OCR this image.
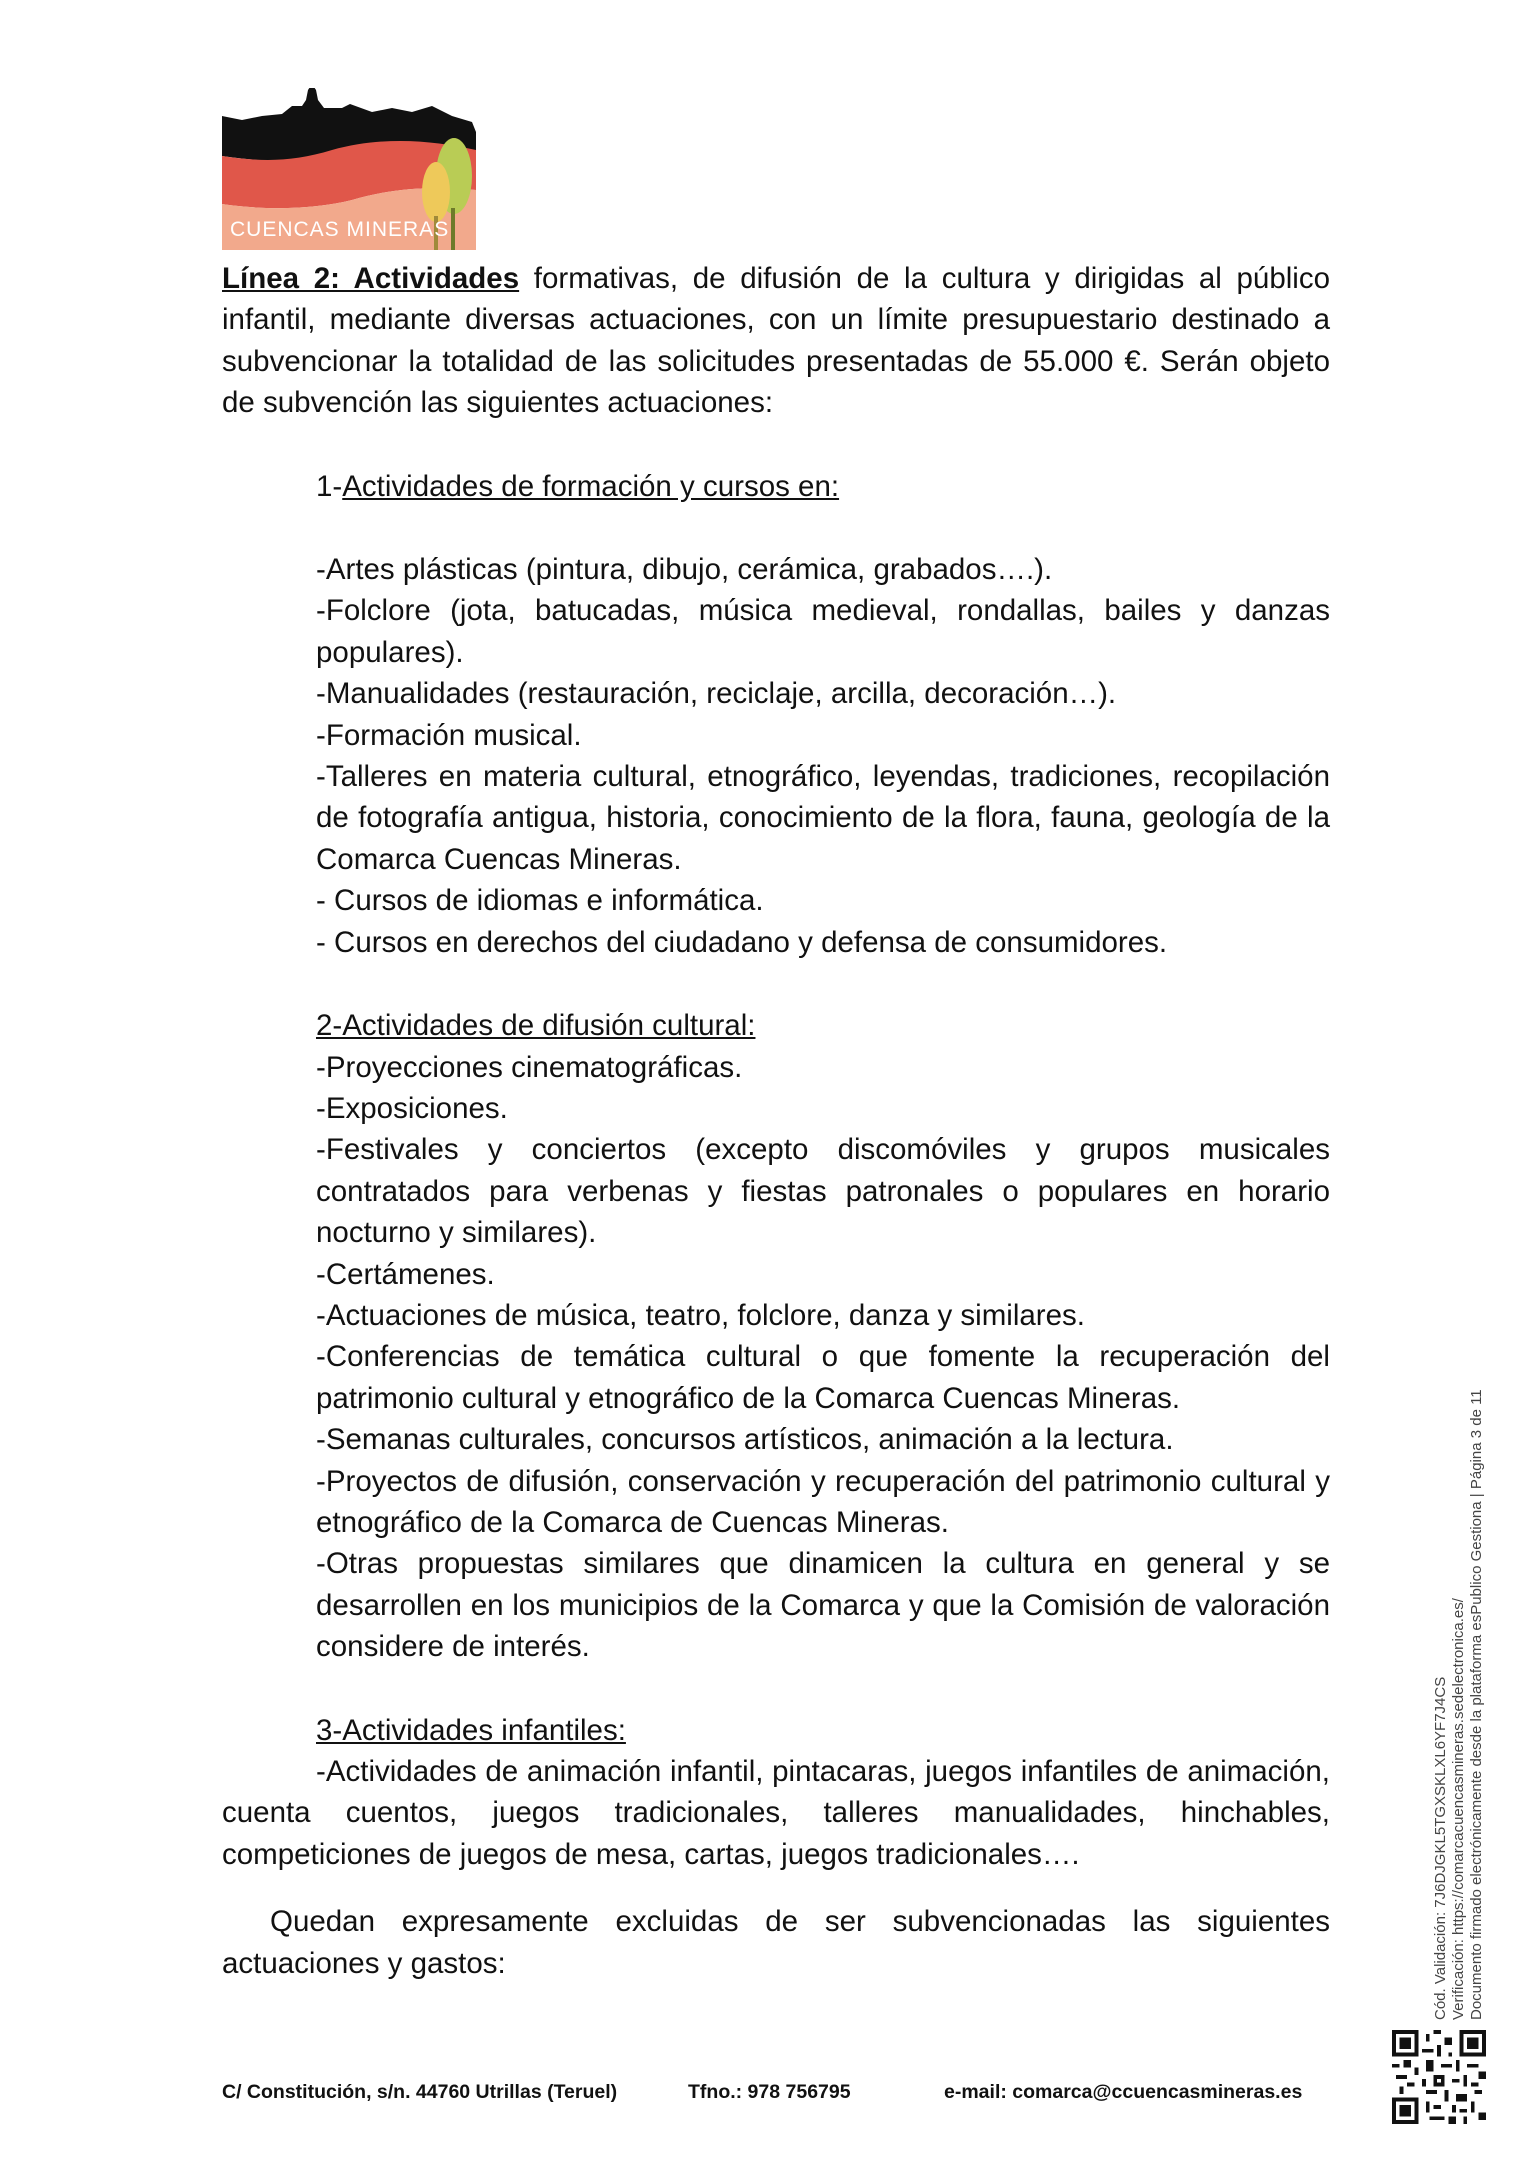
CUENCAS MINERAS

Línea 2: Actividades formativas, de difusión de la cultura y dirigidas al público infantil, mediante diversas actuaciones, con un límite presupuestario destinado a subvencionar la totalidad de las solicitudes presentadas de 55.000 €. Serán objeto de subvención las siguientes actuaciones:

1-Actividades de formación y cursos en:

-Artes plásticas (pintura, dibujo, cerámica, grabados….).

-Folclore (jota, batucadas, música medieval, rondallas, bailes y danzas populares).

-Manualidades (restauración, reciclaje, arcilla, decoración…).

-Formación musical.

-Talleres en materia cultural, etnográfico, leyendas, tradiciones, recopilación de fotografía antigua, historia, conocimiento de la flora, fauna, geología de la Comarca Cuencas Mineras.

- Cursos de idiomas e informática.

- Cursos en derechos del ciudadano y defensa de consumidores.

2-Actividades de difusión cultural:

-Proyecciones cinematográficas.

-Exposiciones.

-Festivales y conciertos (excepto discomóviles y grupos musicales contratados para verbenas y fiestas patronales o populares en horario nocturno y similares).

-Certámenes.

-Actuaciones de música, teatro, folclore, danza y similares.

-Conferencias de temática cultural o que fomente la recuperación del patrimonio cultural y etnográfico de la Comarca Cuencas Mineras.

-Semanas culturales, concursos artísticos, animación a la lectura.

-Proyectos de difusión, conservación y recuperación del patrimonio cultural y etnográfico de la Comarca de Cuencas Mineras.

-Otras propuestas similares que dinamicen la cultura en general y se desarrollen en los municipios de la Comarca y que la Comisión de valoración considere de interés.

3-Actividades infantiles:

-Actividades de animación infantil, pintacaras, juegos infantiles de animación, cuenta cuentos, juegos tradicionales, talleres manualidades, hinchables, competiciones de juegos de mesa, cartas, juegos tradicionales….

Quedan expresamente excluidas de ser subvencionadas las siguientes actuaciones y gastos:

C/ Constitución, s/n. 44760 Utrillas (Teruel)	Tfno.: 978 756795	e-mail: comarca@ccuencasmineras.es
Cód. Validación: 7J6DJGKL5TGXSKLXL6YF7J4CS Verificación: https://comarcacuencasmineras.sedelectronica.es/ Documento firmado electrónicamente desde la plataforma esPublico Gestiona | Página 3 de 11
